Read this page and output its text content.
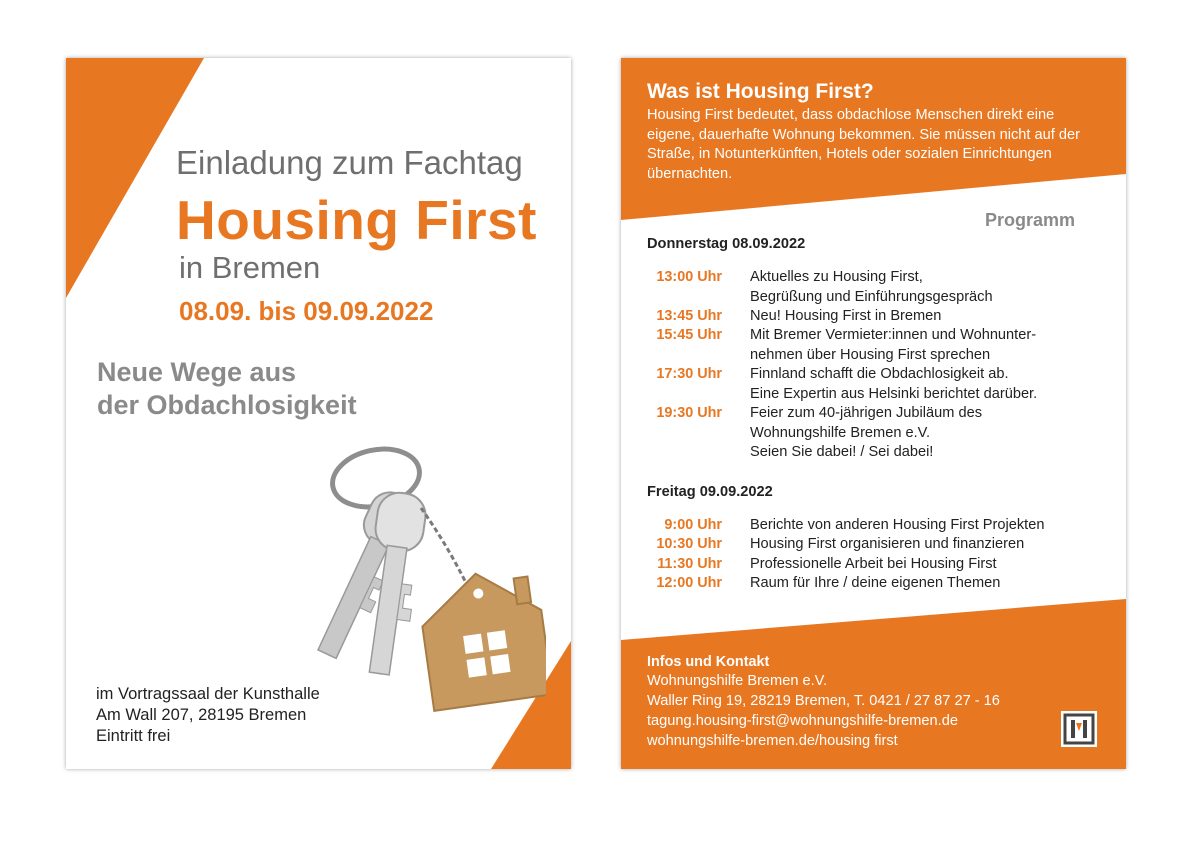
Einladung zum Fachtag
Housing First
in Bremen
08.09. bis 09.09.2022
Neue Wege aus
der Obdachlosigkeit
im Vortragssaal der Kunsthalle
Am Wall 207, 28195 Bremen
Eintritt frei
Was ist Housing First?
Housing First bedeutet, dass obdachlose Menschen direkt eine eigene, dauerhafte Wohnung bekommen. Sie müssen nicht auf der Straße, in Notunterkünften, Hotels oder sozialen Einrichtungen übernachten.
Programm
Donnerstag 08.09.2022
13:00 Uhr Aktuelles zu Housing First,
Begrüßung und Einführungsgespräch
13:45 Uhr Neu! Housing First in Bremen
15:45 Uhr Mit Bremer Vermieter:innen und Wohnunter-
nehmen über Housing First sprechen
17:30 Uhr Finnland schafft die Obdachlosigkeit ab.
Eine Expertin aus Helsinki berichtet darüber.
19:30 Uhr Feier zum 40-jährigen Jubiläum des
Wohnungshilfe Bremen e.V.
Seien Sie dabei! / Sei dabei!
Freitag 09.09.2022
9:00 Uhr Berichte von anderen Housing First Projekten
10:30 Uhr Housing First organisieren und finanzieren
11:30 Uhr Professionelle Arbeit bei Housing First
12:00 Uhr Raum für Ihre / deine eigenen Themen
Infos und Kontakt
Wohnungshilfe Bremen e.V.
Waller Ring 19, 28219 Bremen, T. 0421 / 27 87 27 - 16
tagung.housing-first@wohnungshilfe-bremen.de
wohnungshilfe-bremen.de/housing first
